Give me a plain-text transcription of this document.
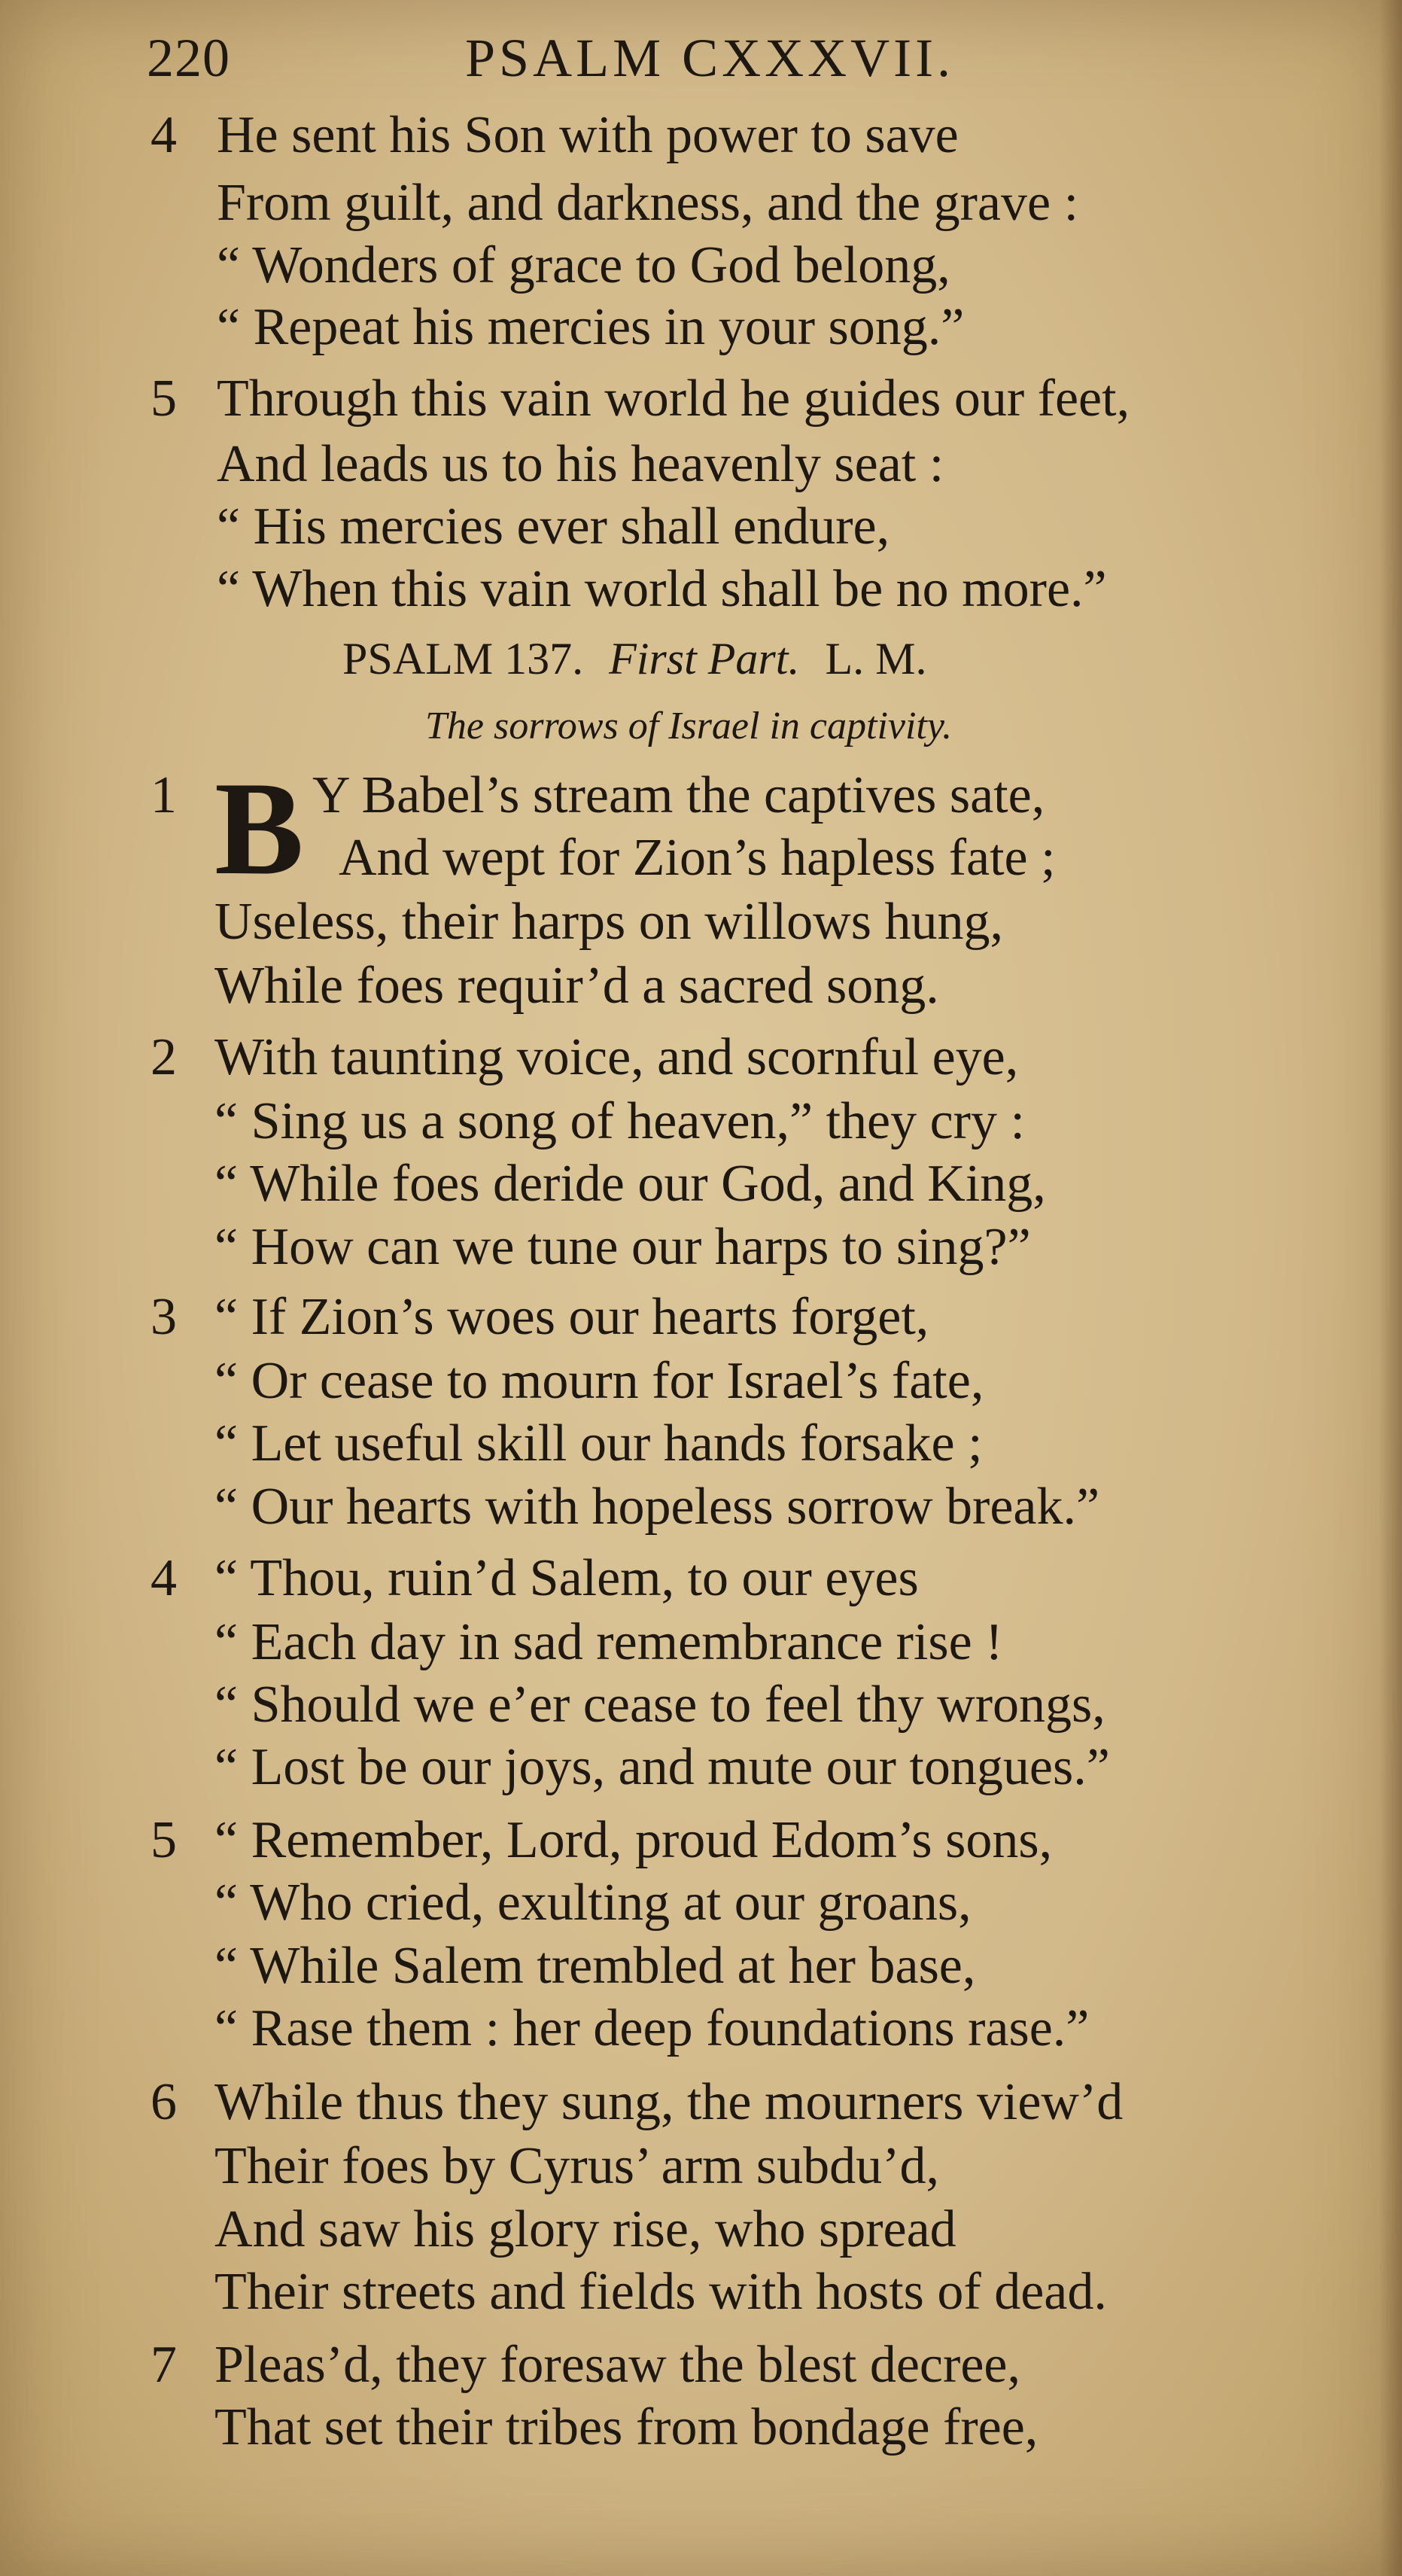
220	PSALM CXXXVII.
4 He sent his Son with power to save
From guilt, and darkness, and the grave :
“ Wonders of grace to God belong,
“ Repeat his mercies in your song.”
5 Through this vain world he guides our feet,
And leads us to his heavenly seat :
“ His mercies ever shall endure,
“ When this vain world shall be no more.”
PSALM 137. First Part. L. M.
The sorrows of Israel in captivity.
1 B Y Babel’s stream the captives sate,
And wept for Zion’s hapless fate ;
Useless, their harps on willows hung,
While foes requir’d a sacred song.
2 With taunting voice, and scornful eye,
“ Sing us a song of heaven,” they cry :
“ While foes deride our God, and King,
“ How can we tune our harps to sing?”
3 “ If Zion’s woes our hearts forget,
“ Or cease to mourn for Israel’s fate,
“ Let useful skill our hands forsake ;
“ Our hearts with hopeless sorrow break.”
4 “ Thou, ruin’d Salem, to our eyes
“ Each day in sad remembrance rise !
“ Should we e’er cease to feel thy wrongs,
“ Lost be our joys, and mute our tongues.”
5 “ Remember, Lord, proud Edom’s sons,
“ Who cried, exulting at our groans,
“ While Salem trembled at her base,
“ Rase them : her deep foundations rase.”
6 While thus they sung, the mourners view’d
Their foes by Cyrus’ arm subdu’d,
And saw his glory rise, who spread
Their streets and fields with hosts of dead.
7 Pleas’d, they foresaw the blest decree,
That set their tribes from bondage free,
